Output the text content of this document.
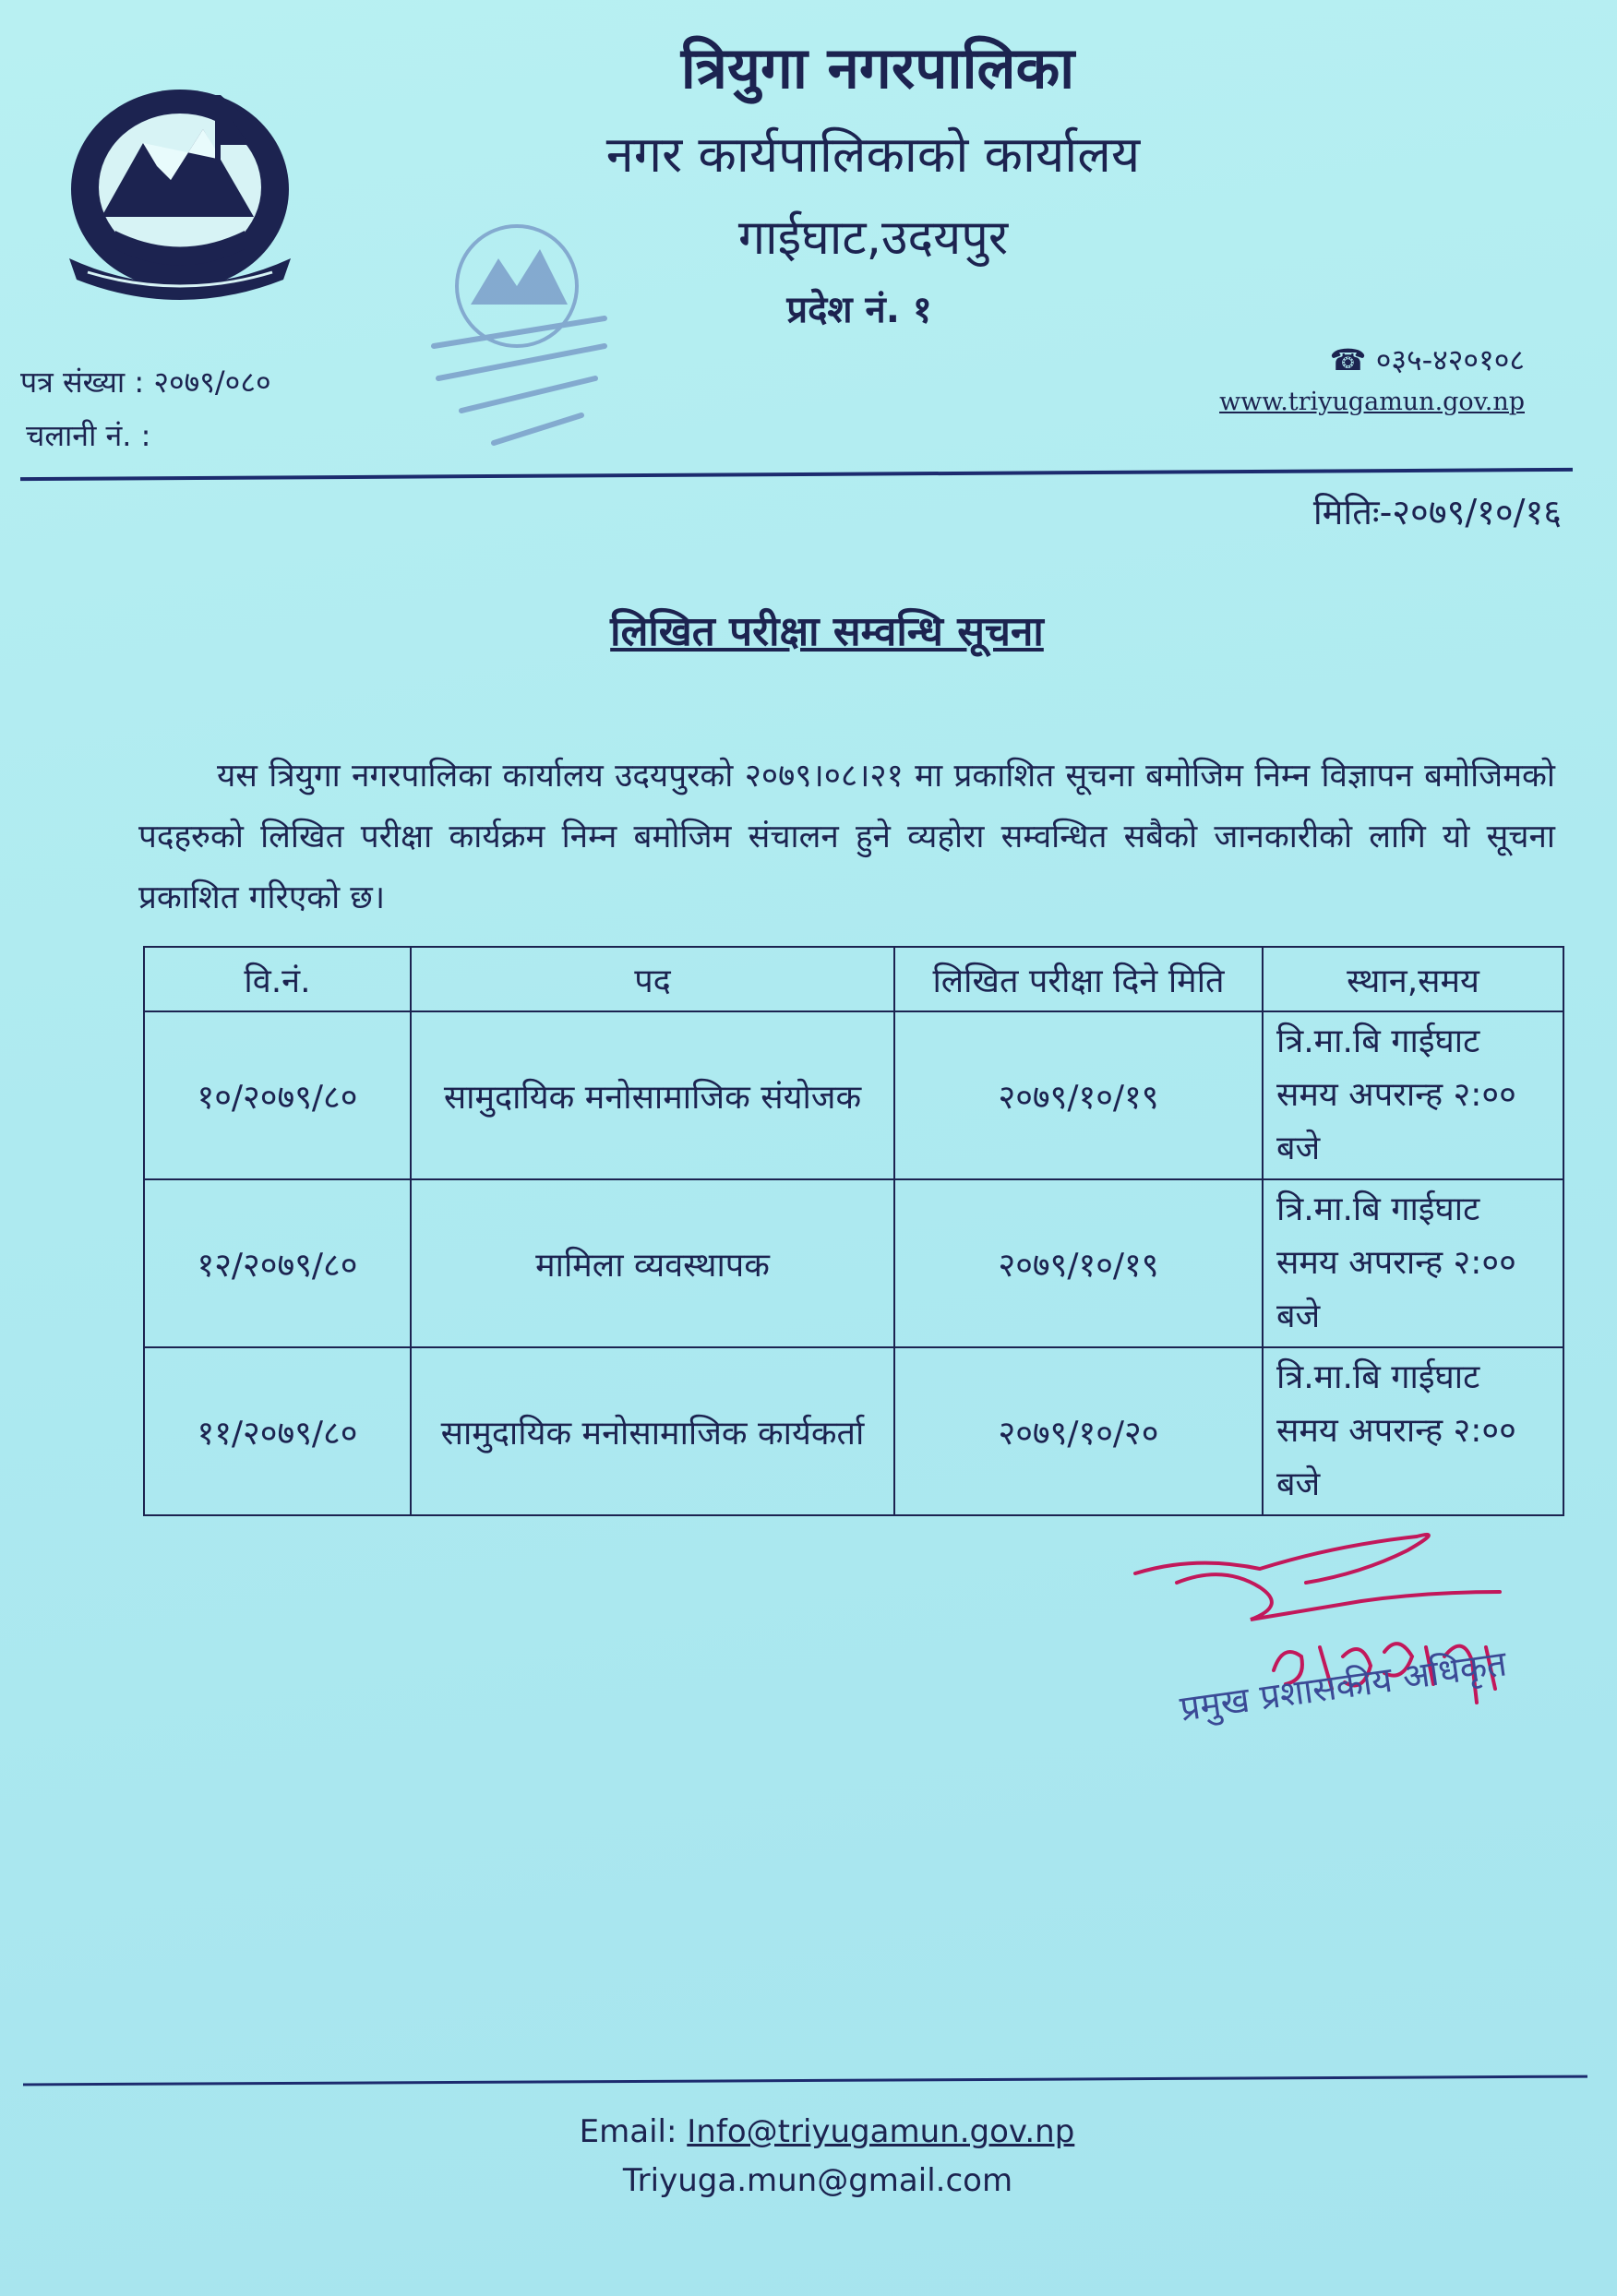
त्रियुगा नगरपालिका
नगर कार्यपालिकाको कार्यालय
गाईघाट,उदयपुर
प्रदेश नं. १
पत्र संख्या : २०७९/०८०
चलानी नं. :
☎ ०३५-४२०१०८
www.triyugamun.gov.np
मितिः-२०७९/१०/१६
लिखित परीक्षा सम्वन्धि सूचना
यस त्रियुगा नगरपालिका कार्यालय उदयपुरको २०७९।०८।२१ मा प्रकाशित सूचना बमोजिम निम्न विज्ञापन बमोजिमको पदहरुको लिखित परीक्षा कार्यक्रम निम्न बमोजिम संचालन हुने व्यहोरा सम्वन्धित सबैको जानकारीको लागि यो सूचना प्रकाशित गरिएको छ।
वि.नं.	पद	लिखित परीक्षा दिने मिति	स्थान,समय
१०/२०७९/८०	सामुदायिक मनोसामाजिक संयोजक	२०७९/१०/१९	त्रि.मा.बि गाईघाट
समय अपरान्ह २:००
बजे

१२/२०७९/८०	मामिला व्यवस्थापक	२०७९/१०/१९	त्रि.मा.बि गाईघाट
समय अपरान्ह २:००
बजे

११/२०७९/८०	सामुदायिक मनोसामाजिक कार्यकर्ता	२०७९/१०/२०	त्रि.मा.बि गाईघाट
समय अपरान्ह २:००
बजे
प्रमुख प्रशासकीय अधिकृत
Email: Info@triyugamun.gov.np
Triyuga.mun@gmail.com
